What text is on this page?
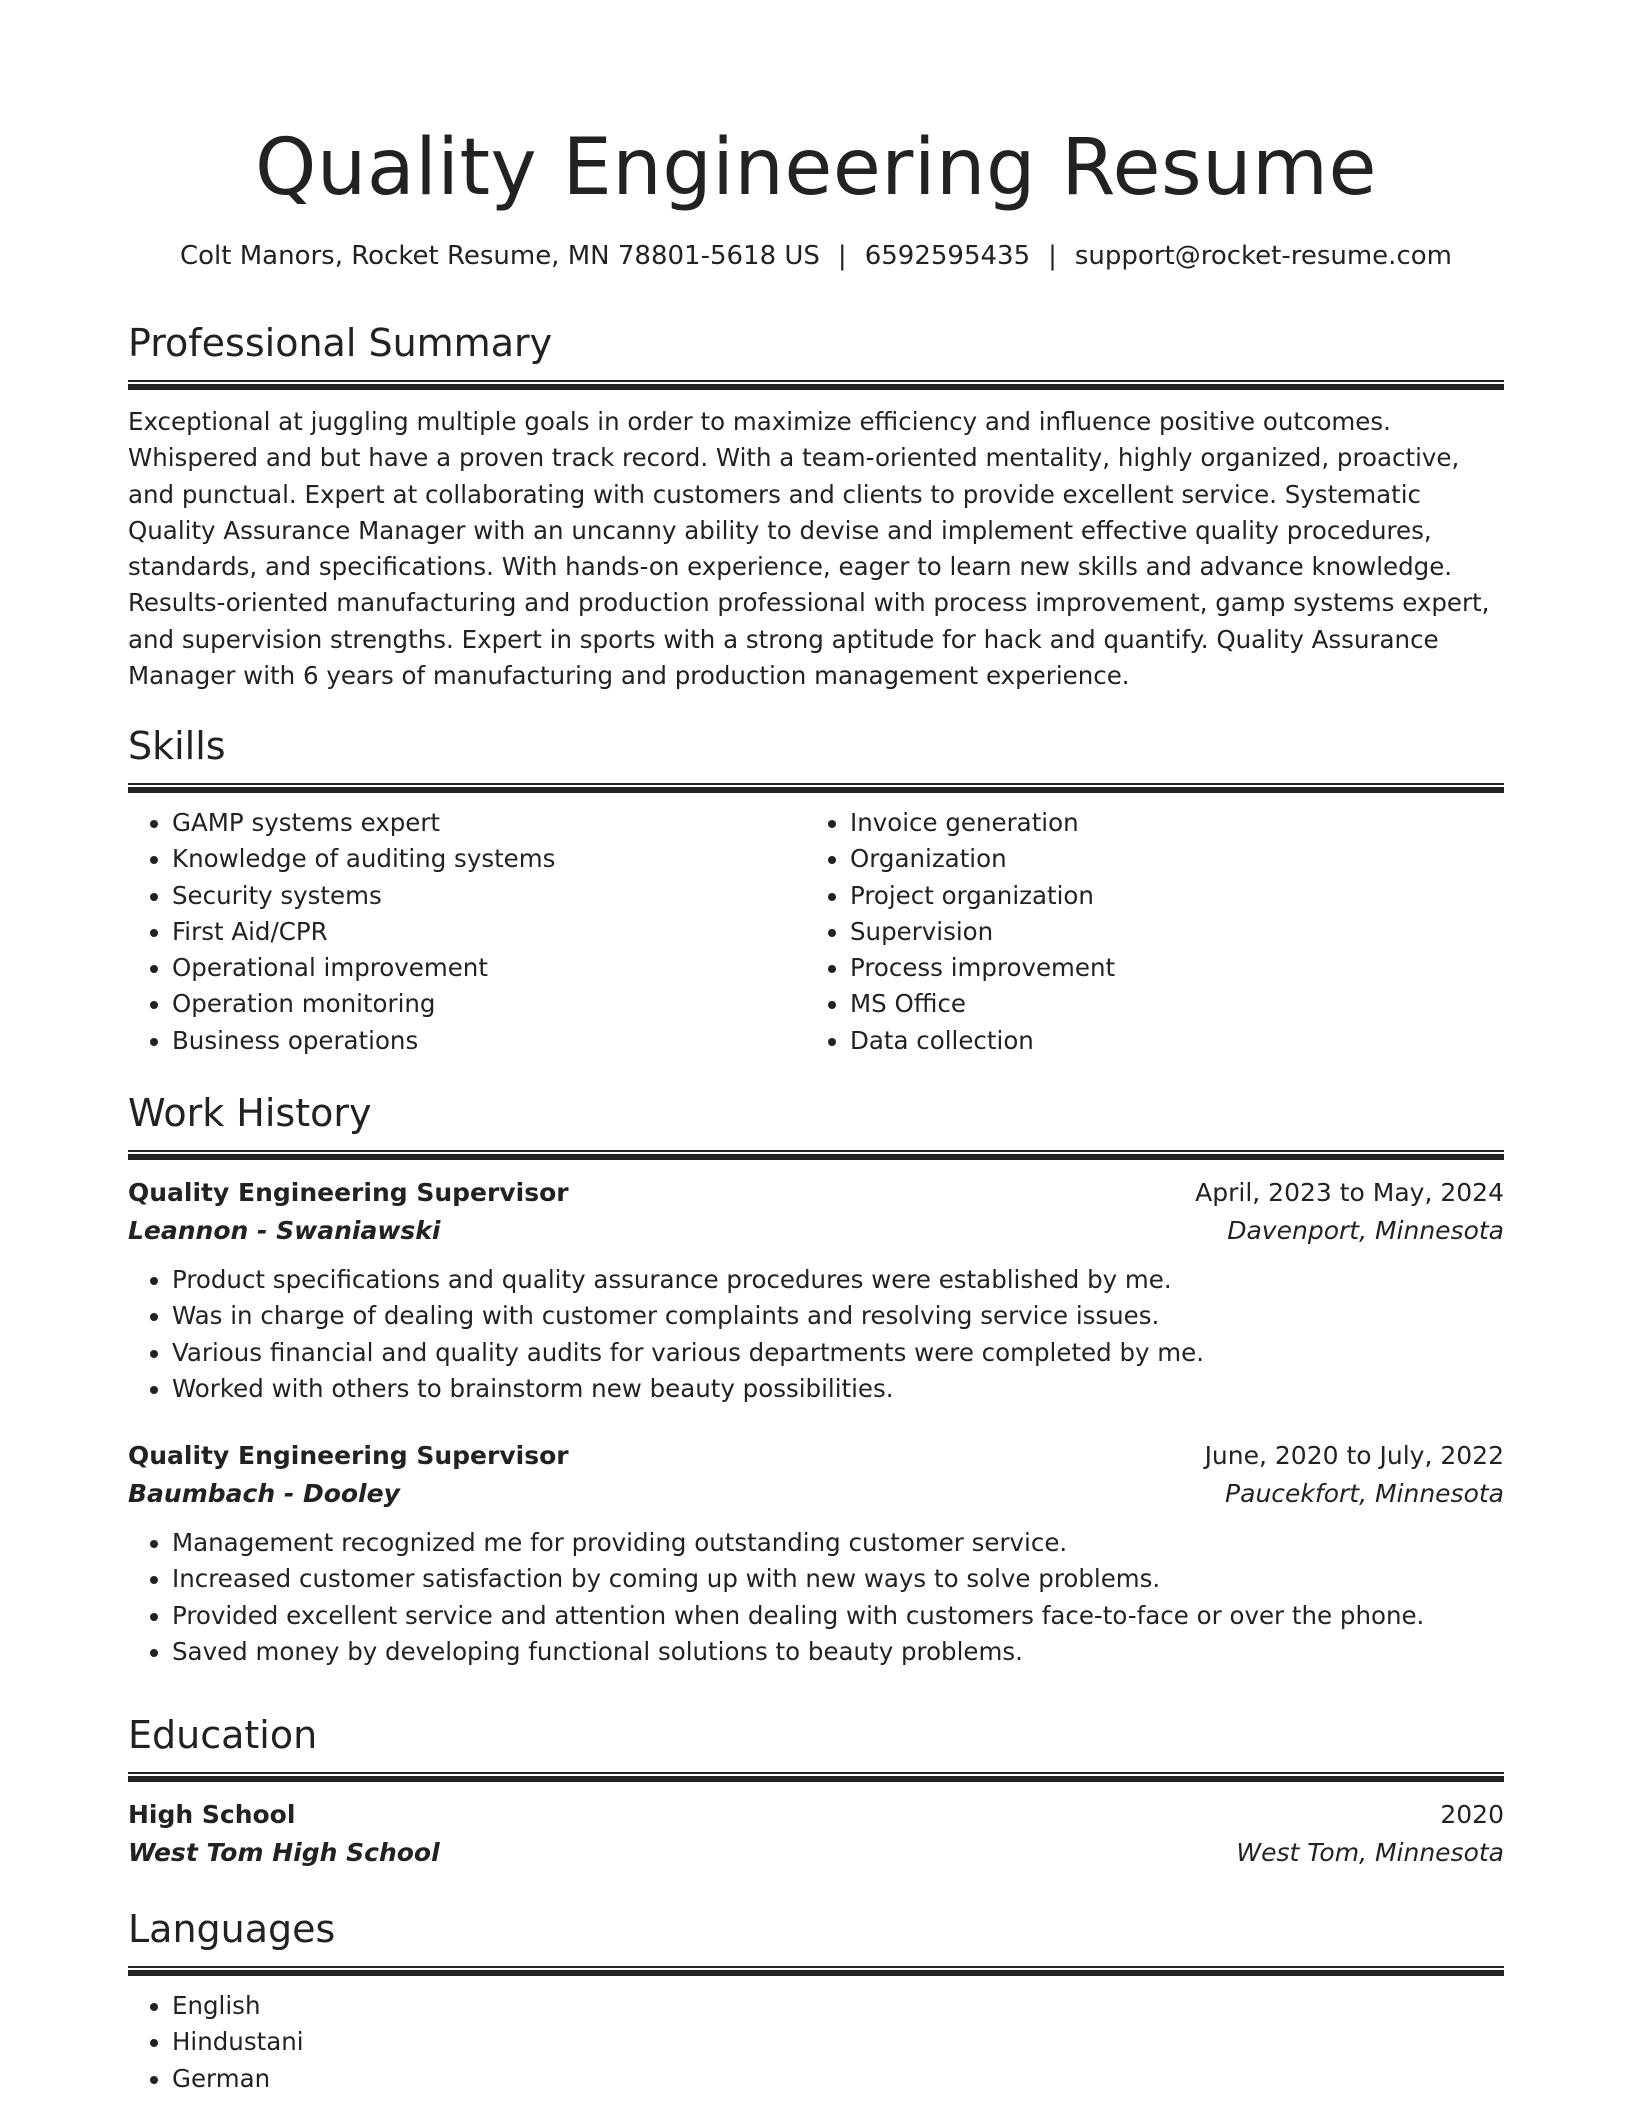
Quality Engineering Resume
Colt Manors, Rocket Resume, MN 78801-5618 US | 6592595435 | support@rocket-resume.com
Professional Summary
Exceptional at juggling multiple goals in order to maximize efficiency and influence positive outcomes. Whispered and but have a proven track record. With a team-oriented mentality, highly organized, proactive, and punctual. Expert at collaborating with customers and clients to provide excellent service. Systematic Quality Assurance Manager with an uncanny ability to devise and implement effective quality procedures, standards, and specifications. With hands-on experience, eager to learn new skills and advance knowledge. Results-oriented manufacturing and production professional with process improvement, gamp systems expert, and supervision strengths. Expert in sports with a strong aptitude for hack and quantify. Quality Assurance Manager with 6 years of manufacturing and production management experience.
Skills
• GAMP systems expert
• Knowledge of auditing systems
• Security systems
• First Aid/CPR
• Operational improvement
• Operation monitoring
• Business operations
• Invoice generation
• Organization
• Project organization
• Supervision
• Process improvement
• MS Office
• Data collection
Work History
Quality Engineering Supervisor	April, 2023 to May, 2024
Leannon - Swaniawski	Davenport, Minnesota
• Product specifications and quality assurance procedures were established by me.
• Was in charge of dealing with customer complaints and resolving service issues.
• Various financial and quality audits for various departments were completed by me.
• Worked with others to brainstorm new beauty possibilities.
Quality Engineering Supervisor	June, 2020 to July, 2022
Baumbach - Dooley	Paucekfort, Minnesota
• Management recognized me for providing outstanding customer service.
• Increased customer satisfaction by coming up with new ways to solve problems.
• Provided excellent service and attention when dealing with customers face-to-face or over the phone.
• Saved money by developing functional solutions to beauty problems.
Education
High School	2020
West Tom High School	West Tom, Minnesota
Languages
• English
• Hindustani
• German
